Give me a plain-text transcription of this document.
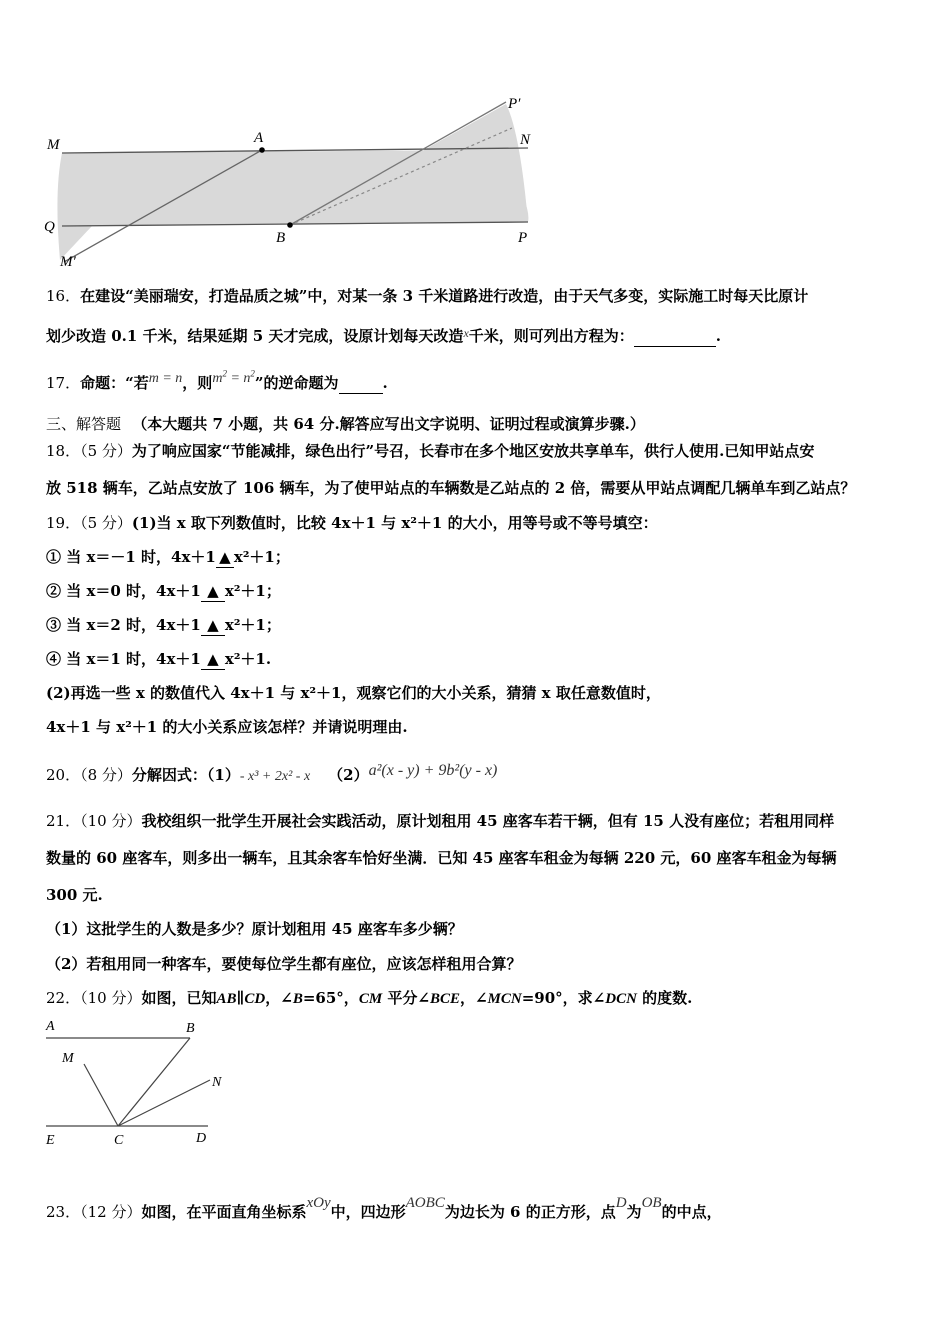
M	A	N
P′
Q
B	P
M′
16．在建设“美丽瑞安，打造品质之城”中，对某一条 3 千米道路进行改造，由于天气多变，实际施工时每天比原计
划少改造 0.1 千米，结果延期 5 天才完成，设原计划每天改造$^x$千米，则可列出方程为：	.
17．命题：“若m = n，则$m^2 = n^2$”的逆命题为	.
三、解答题 （本大题共 7 小题，共 64 分.解答应写出文字说明、证明过程或演算步骤.）
18．（5 分）为了响应国家“节能减排，绿色出行”号召，长春市在多个地区安放共享单车，供行人使用.已知甲站点安
放 518 辆车，乙站点安放了 106 辆车，为了使甲站点的车辆数是乙站点的 2 倍，需要从甲站点调配几辆单车到乙站点？
19．（5 分）(1)当 x 取下列数值时，比较 4x＋1 与 x²＋1 的大小，用等号或不等号填空：
① 当 x＝－1 时，4x＋1 ▲ x²＋1；
② 当 x＝0 时，4x＋1 ▲ x²＋1；
③ 当 x＝2 时，4x＋1 ▲ x²＋1；
④ 当 x＝1 时，4x＋1 ▲ x²＋1.
(2)再选一些 x 的数值代入 4x＋1 与 x²＋1，观察它们的大小关系，猜猜 x 取任意数值时，
4x＋1 与 x²＋1 的大小关系应该怎样？并请说明理由.
20．（8 分）分解因式：（1）- x³ + 2x² - x （2）a²(x - y) + 9b²(y - x)
21．（10 分）我校组织一批学生开展社会实践活动，原计划租用 45 座客车若干辆，但有 15 人没有座位；若租用同样
数量的 60 座客车，则多出一辆车，且其余客车恰好坐满．已知 45 座客车租金为每辆 220 元，60 座客车租金为每辆
300 元.
（1）这批学生的人数是多少？原计划租用 45 座客车多少辆？
（2）若租用同一种客车，要使每位学生都有座位，应该怎样租用合算？
22．（10 分）如图，已知AB∥CD，∠B=65°，CM 平分∠BCE，∠MCN=90°，求∠DCN 的度数.
A	B
M
N
E	C	D
23．（12 分）如图，在平面直角坐标系xOy中，四边形AOBC为边长为 6 的正方形，点D为OB的中点，
